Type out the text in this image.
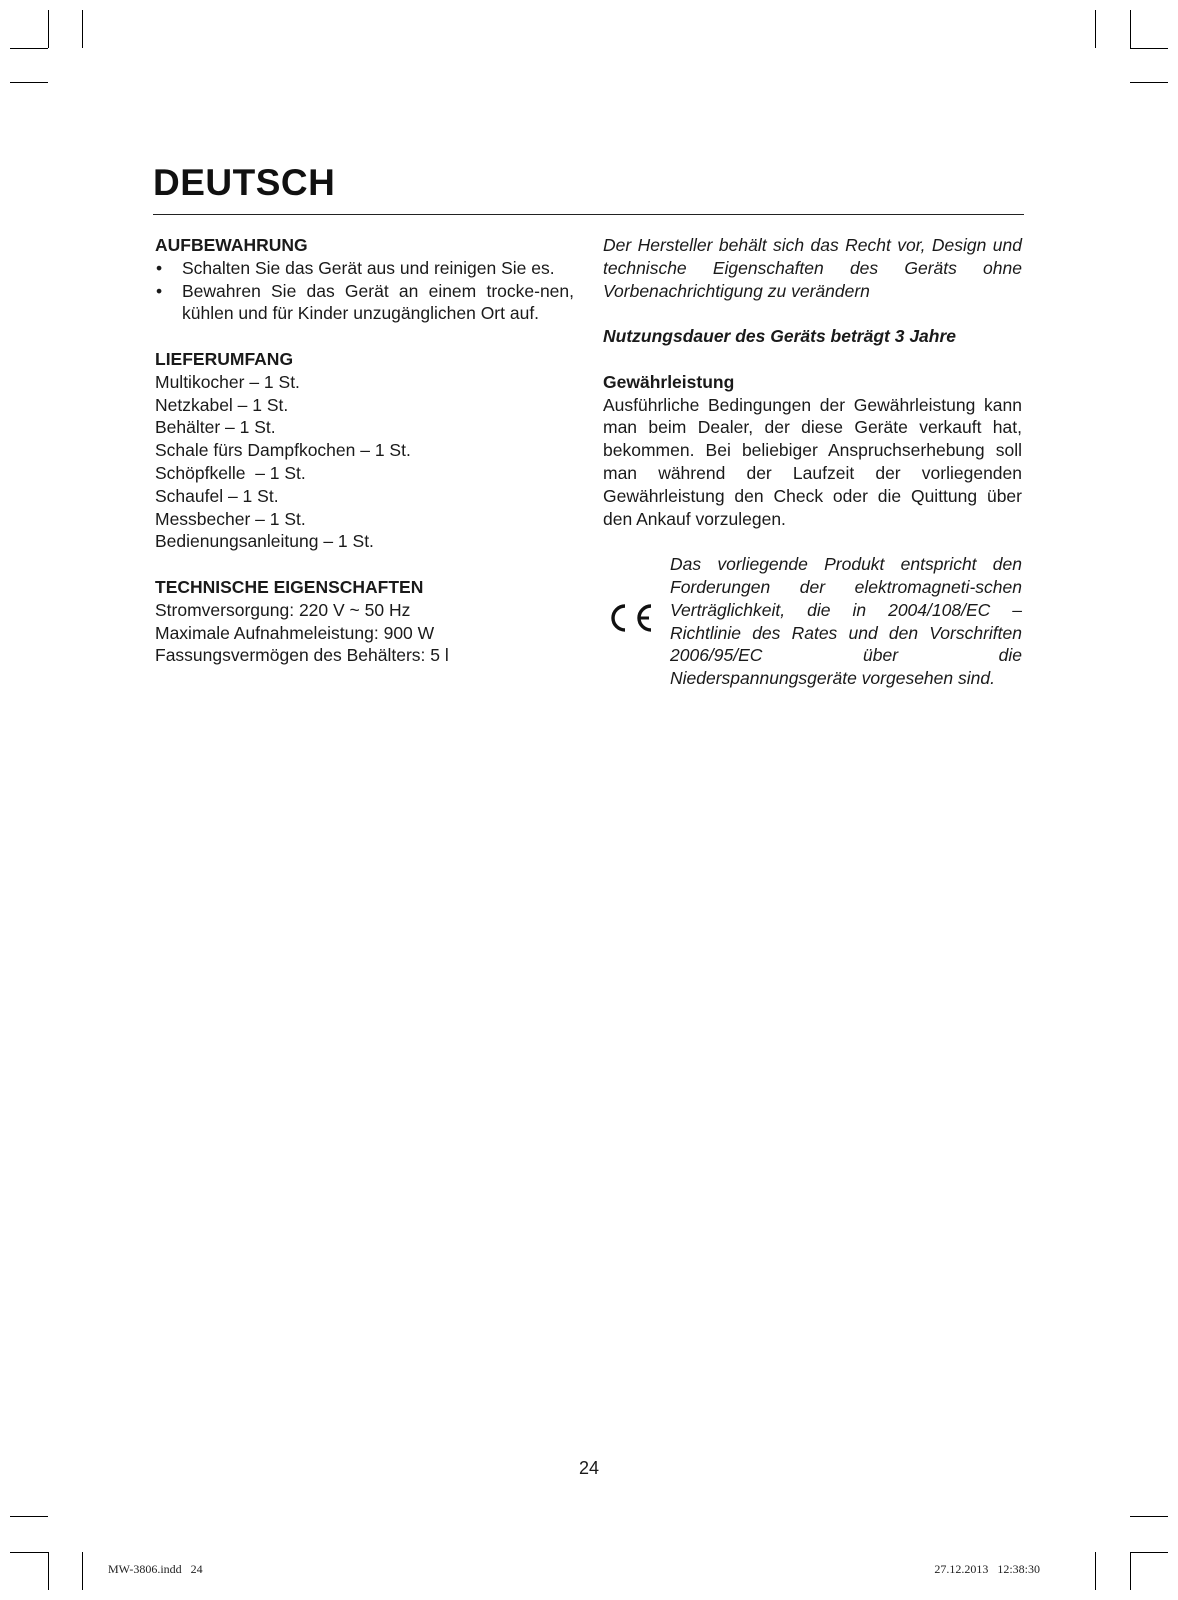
DEUTSCH
AUFBEWAHRUNG
• Schalten Sie das Gerät aus und reinigen Sie es.
• Bewahren Sie das Gerät an einem trocke-nen, kühlen und für Kinder unzugänglichen Ort auf.
LIEFERUMFANG
Multikocher – 1 St.
Netzkabel – 1 St.
Behälter – 1 St.
Schale fürs Dampfkochen – 1 St.
Schöpfkelle  – 1 St.
Schaufel – 1 St.
Messbecher – 1 St.
Bedienungsanleitung – 1 St.
TECHNISCHE EIGENSCHAFTEN
Stromversorgung: 220 V ~ 50 Hz
Maximale Aufnahmeleistung: 900 W
Fassungsvermögen des Behälters: 5 l

Der Hersteller behält sich das Recht vor, Design und technische Eigenschaften des Geräts ohne Vorbenachrichtigung zu verändern

Nutzungsdauer des Geräts beträgt 3 Jahre

Gewährleistung

Ausführliche Bedingungen der Gewährleistung kann man beim Dealer, der diese Geräte verkauft hat, bekommen. Bei beliebiger Anspruchserhebung soll man während der Laufzeit der vorliegenden Gewährleistung den Check oder die Quittung über den Ankauf vorzulegen.

Das vorliegende Produkt entspricht den Forderungen der elektromagneti-schen Verträglichkeit, die in 2004/108/EC – Richtlinie des Rates und den Vorschriften 2006/95/EC über die Niederspannungsgeräte vorgesehen sind.

24
MW-3806.indd   24	27.12.2013   12:38:30
